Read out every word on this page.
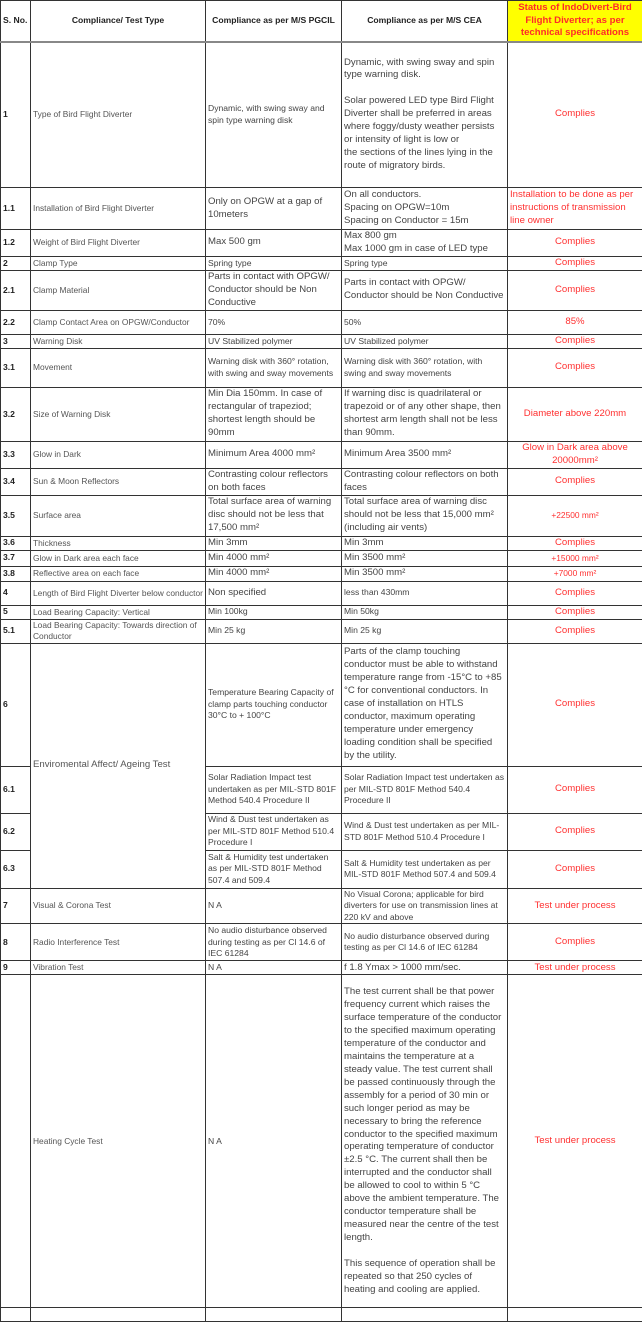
S. No.	Compliance/ Test Type	Compliance as per M/S PGCIL	Compliance as per M/S CEA	Status of IndoDivert-Bird Flight Diverter; as per technical specifications
1	Type of Bird Flight Diverter	Dynamic, with swing sway and spin type warning disk	Dynamic, with swing sway and spin type warning disk.

Solar powered LED type Bird Flight Diverter shall be preferred in areas where foggy/dusty weather persists or intensity of light is low or
the sections of the lines lying in the route of migratory birds.	Complies
1.1	Installation of Bird Flight Diverter	Only on OPGW at a gap of 10meters	On all conductors.
Spacing on OPGW=10m
Spacing on Conductor = 15m	Installation to be done as per instructions of transmission line owner
1.2	Weight of Bird Flight Diverter	Max 500 gm	Max 800 gm
Max 1000 gm in case of LED type	Complies
2	Clamp Type	Spring type	Spring type	Complies
2.1	Clamp Material	Parts in contact with OPGW/ Conductor should be Non Conductive	Parts in contact with OPGW/ Conductor should be Non Conductive	Complies
2.2	Clamp Contact Area on OPGW/Conductor	70%	50%	85%
3	Warning Disk	UV Stabilized polymer	UV Stabilized polymer	Complies
3.1	Movement	Warning disk with 360° rotation, with swing and sway movements	Warning disk with 360° rotation, with swing and sway movements	Complies
3.2	Size of Warning Disk	Min Dia 150mm. In case of rectangular of trapeziod; shortest length should be 90mm	If warning disc is quadrilateral or trapezoid or of any other shape, then shortest arm length shall not be less than 90mm.	Diameter above 220mm
3.3	Glow in Dark	Minimum Area 4000 mm²	Minimum Area 3500 mm²	Glow in Dark area above 20000mm²
3.4	Sun & Moon Reflectors	Contrasting colour reflectors on both faces	Contrasting colour reflectors on both faces	Complies
3.5	Surface area	Total surface area of warning disc should not be less that 17,500 mm²	Total surface area of warning disc should not be less that 15,000 mm² (including air vents)	+22500 mm²
3.6	Thickness	Min 3mm	Min 3mm	Complies
3.7	Glow in Dark area each face	Min 4000 mm²	Min 3500 mm²	+15000 mm²
3.8	Reflective area on each face	Min 4000 mm²	Min 3500 mm²	+7000 mm²
4	Length of Bird Flight Diverter below conductor	Non specified	less than 430mm	Complies
5	Load Bearing Capacity: Vertical	Min 100kg	Min 50kg	Complies
5.1	Load Bearing Capacity: Towards direction of Conductor	Min 25 kg	Min 25 kg	Complies
6	Enviromental Affect/ Ageing Test	Temperature Bearing Capacity of clamp parts touching conductor 30°C to + 100°C	Parts of the clamp touching conductor must be able to withstand temperature range from -15°C to +85 °C for conventional conductors. In case of installation on HTLS conductor, maximum operating temperature under emergency loading condition shall be specified by the utility.	Complies
6.1		Solar Radiation Impact test undertaken as per MIL-STD 801F Method 540.4 Procedure II	Solar Radiation Impact test undertaken as per MIL-STD 801F Method 540.4 Procedure II	Complies
6.2		Wind & Dust test undertaken as per MIL-STD 801F Method 510.4 Procedure I	Wind & Dust test undertaken as per MIL-STD 801F Method 510.4 Procedure I	Complies
6.3		Salt & Humidity test undertaken as per MIL-STD 801F Method 507.4 and 509.4	Salt & Humidity test undertaken as per MIL-STD 801F Method 507.4 and 509.4	Complies
7	Visual & Corona Test	N A	No Visual Corona; applicable for bird diverters for use on transmission lines at 220 kV and above	Test under process
8	Radio Interference Test	No audio disturbance observed during testing as per Cl 14.6 of IEC 61284	No audio disturbance observed during testing as per Cl 14.6 of IEC 61284	Complies
9	Vibration Test	N A	f 1.8 Ymax > 1000 mm/sec.	Test under process
	Heating Cycle Test	N A	The test current shall be that power frequency current which raises the surface temperature of the conductor to the specified maximum operating temperature of the conductor and maintains the temperature at a steady value. The test current shall be passed continuously through the assembly for a period of 30 min or such longer period as may be necessary to bring the reference conductor to the specified maximum operating temperature of conductor ±2.5 °C. The current shall then be interrupted and the conductor shall be allowed to cool to within 5 °C above the ambient temperature. The conductor temperature shall be measured near the centre of the test length.

This sequence of operation shall be repeated so that 250 cycles of heating and cooling are applied.	Test under process
